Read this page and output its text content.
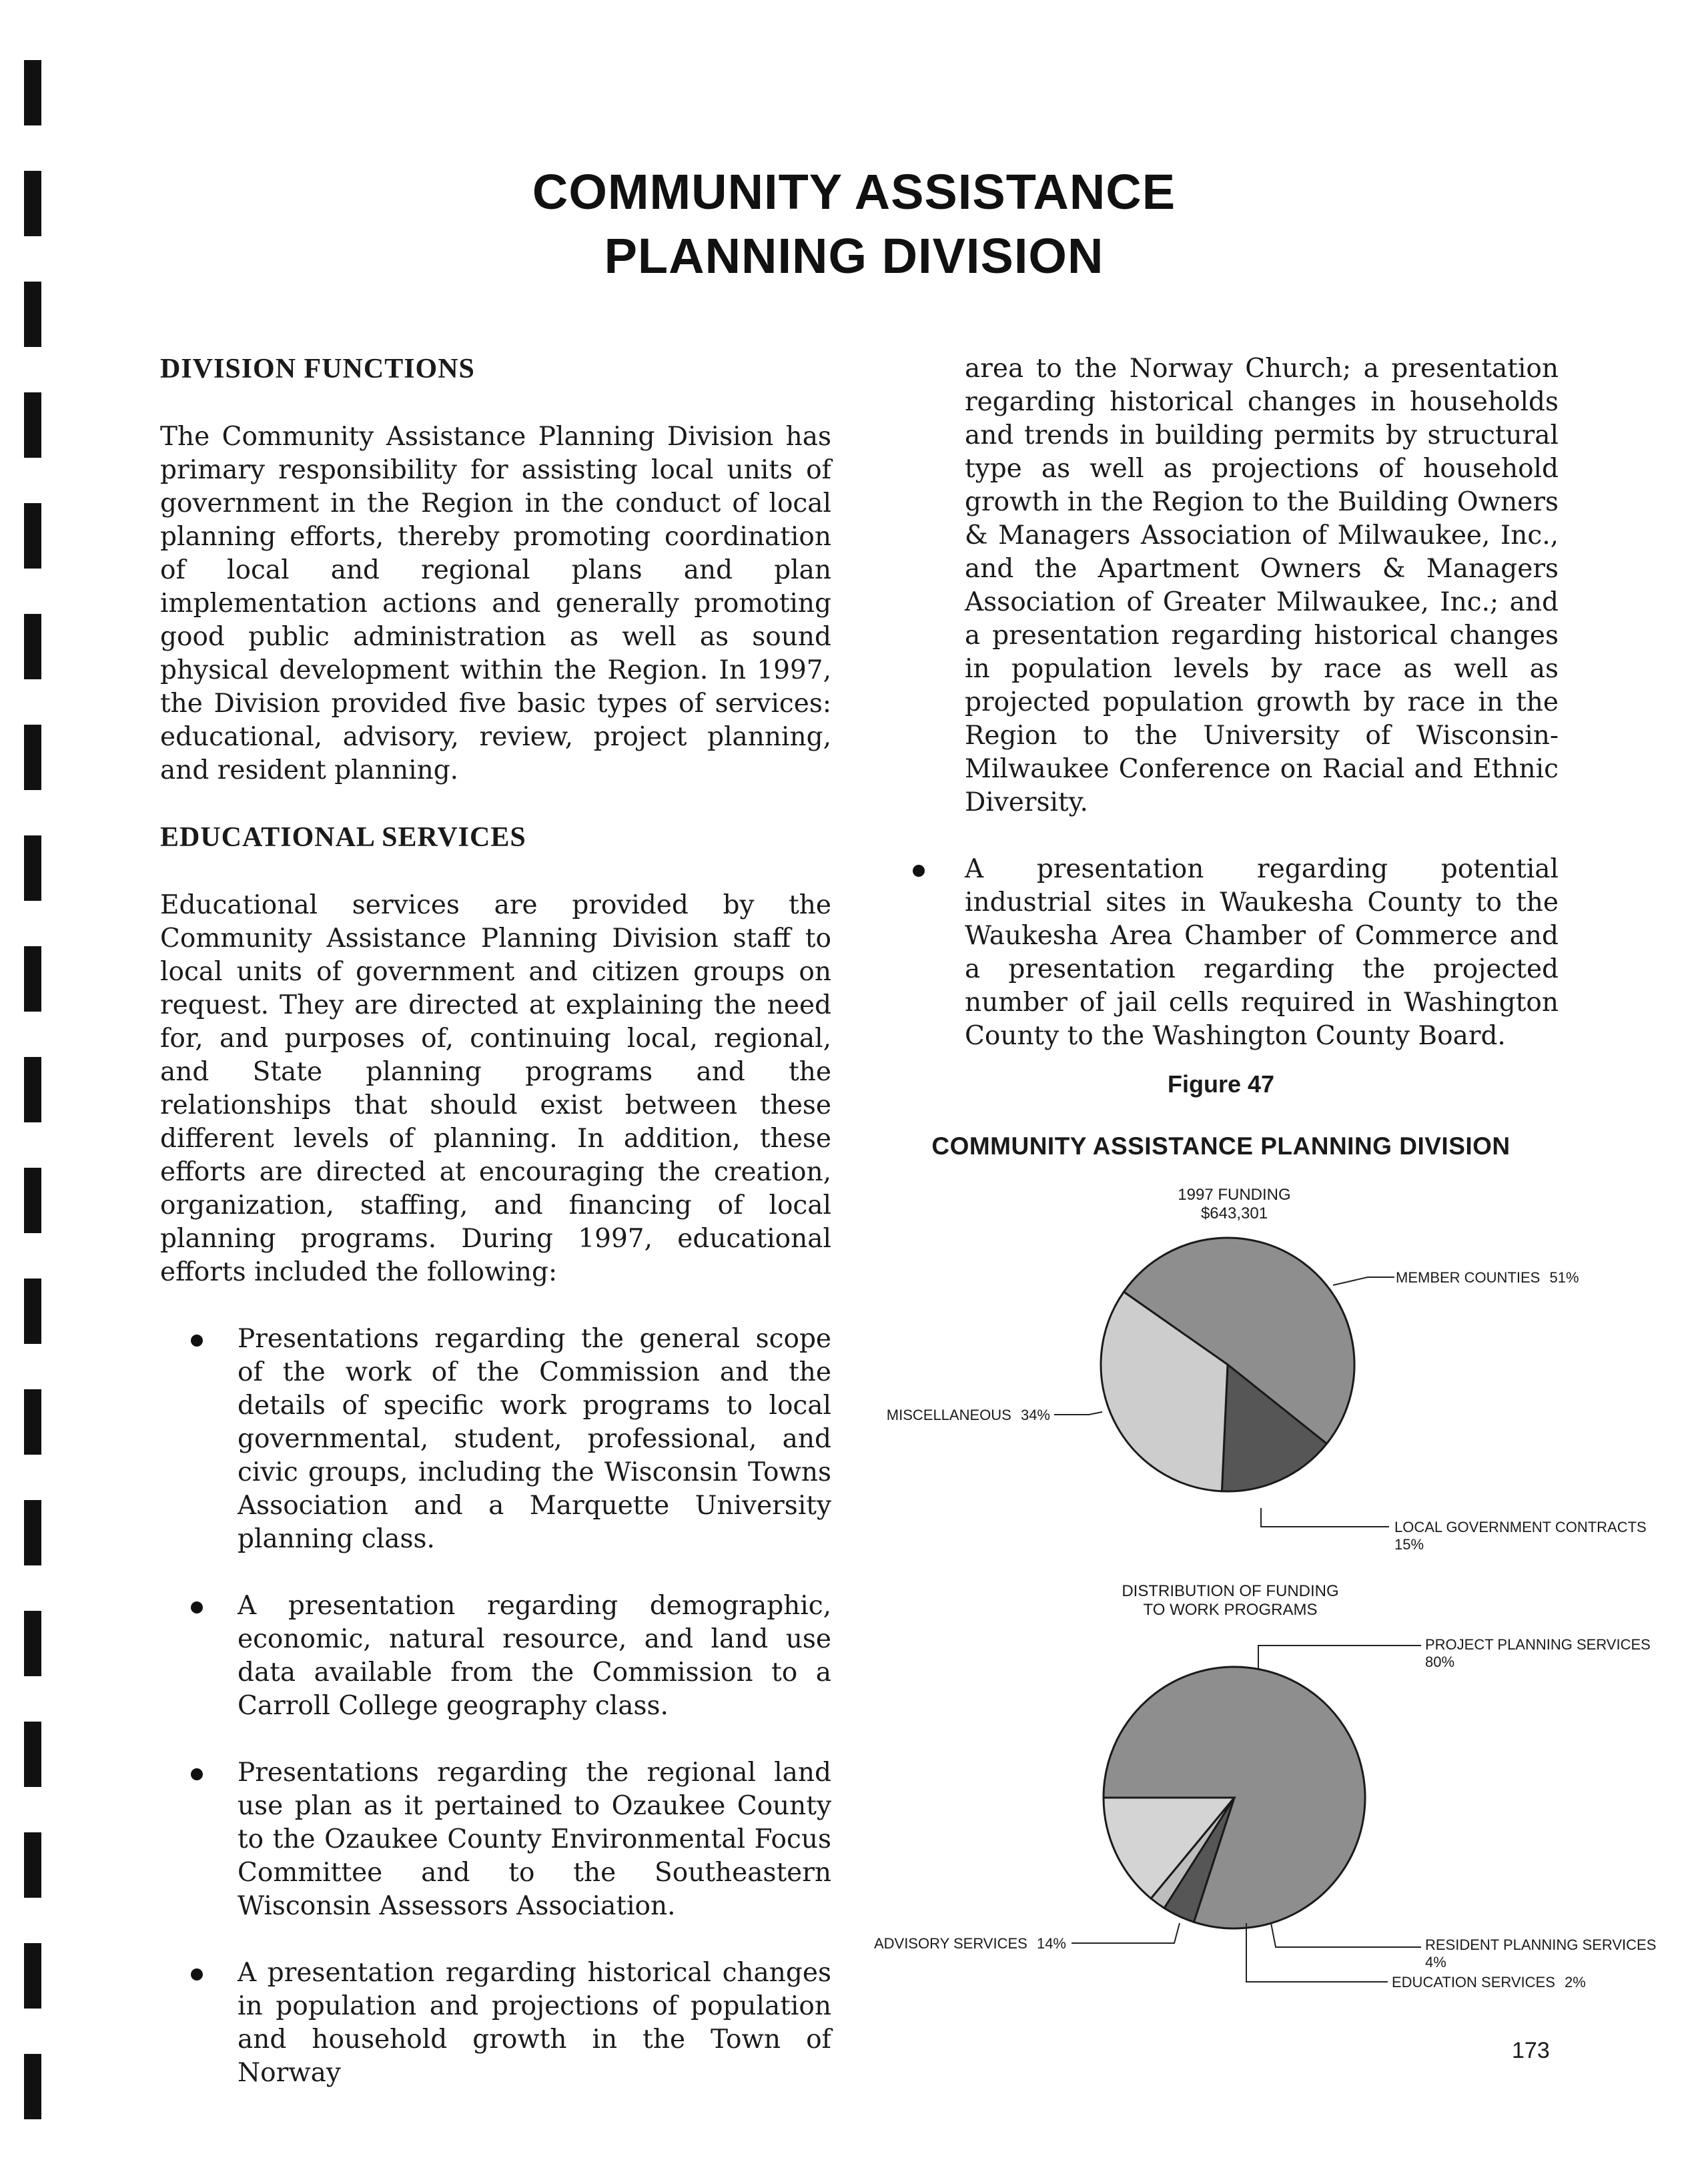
COMMUNITY ASSISTANCE
PLANNING DIVISION
DIVISION FUNCTIONS
The Community Assistance Planning Division has primary responsibility for assisting local units of government in the Region in the conduct of local planning efforts, thereby promoting coordination of local and regional plans and plan implementation actions and generally promoting good public administration as well as sound physical development within the Region. In 1997, the Division provided five basic types of services: educational, advisory, review, project planning, and resident planning.
EDUCATIONAL SERVICES
Educational services are provided by the Community Assistance Planning Division staff to local units of government and citizen groups on request. They are directed at explaining the need for, and purposes of, continuing local, regional, and State planning programs and the relationships that should exist between these different levels of planning. In addition, these efforts are directed at encouraging the creation, organization, staffing, and financing of local planning programs. During 1997, educational efforts included the following:
Presentations regarding the general scope of the work of the Commission and the details of specific work programs to local governmental, student, professional, and civic groups, including the Wisconsin Towns Association and a Marquette University planning class.
A presentation regarding demographic, economic, natural resource, and land use data available from the Commission to a Carroll College geography class.
Presentations regarding the regional land use plan as it pertained to Ozaukee County to the Ozaukee County Environmental Focus Committee and to the Southeastern Wisconsin Assessors Association.
A presentation regarding historical changes in population and projections of population and household growth in the Town of Norway
area to the Norway Church; a presentation regarding historical changes in households and trends in building permits by structural type as well as projections of household growth in the Region to the Building Owners & Managers Association of Milwaukee, Inc., and the Apartment Owners & Managers Association of Greater Milwaukee, Inc.; and a presentation regarding historical changes in population levels by race as well as projected population growth by race in the Region to the University of Wisconsin-Milwaukee Conference on Racial and Ethnic Diversity.
A presentation regarding potential industrial sites in Waukesha County to the Waukesha Area Chamber of Commerce and a presentation regarding the projected number of jail cells required in Washington County to the Washington County Board.
Figure 47
COMMUNITY ASSISTANCE PLANNING DIVISION
1997 FUNDING
$643,301
MEMBER COUNTIES 51%
MISCELLANEOUS 34%
LOCAL GOVERNMENT CONTRACTS
15%
DISTRIBUTION OF FUNDING
TO WORK PROGRAMS
PROJECT PLANNING SERVICES
80%
ADVISORY SERVICES 14%	RESIDENT PLANNING SERVICES
4%
EDUCATION SERVICES 2%
173
